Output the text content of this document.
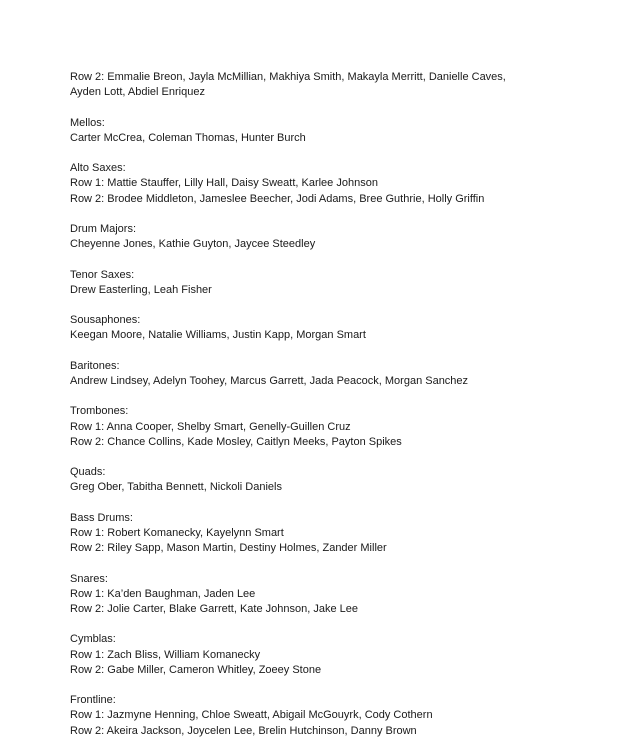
Row 2: Emmalie Breon, Jayla McMillian, Makhiya Smith, Makayla Merritt, Danielle Caves,
Ayden Lott, Abdiel Enriquez
Mellos:
Carter McCrea, Coleman Thomas, Hunter Burch
Alto Saxes:
Row 1: Mattie Stauffer, Lilly Hall, Daisy Sweatt, Karlee Johnson
Row 2: Brodee Middleton, Jameslee Beecher, Jodi Adams, Bree Guthrie, Holly Griffin
Drum Majors:
Cheyenne Jones, Kathie Guyton, Jaycee Steedley
Tenor Saxes:
Drew Easterling, Leah Fisher
Sousaphones:
Keegan Moore, Natalie Williams, Justin Kapp, Morgan Smart
Baritones:
Andrew Lindsey, Adelyn Toohey, Marcus Garrett, Jada Peacock, Morgan Sanchez
Trombones:
Row 1: Anna Cooper, Shelby Smart, Genelly-Guillen Cruz
Row 2: Chance Collins, Kade Mosley, Caitlyn Meeks, Payton Spikes
Quads:
Greg Ober, Tabitha Bennett, Nickoli Daniels
Bass Drums:
Row 1: Robert Komanecky, Kayelynn Smart
Row 2: Riley Sapp, Mason Martin, Destiny Holmes, Zander Miller
Snares:
Row 1: Ka’den Baughman, Jaden Lee
Row 2: Jolie Carter, Blake Garrett, Kate Johnson, Jake Lee
Cymblas:
Row 1: Zach Bliss, William Komanecky
Row 2: Gabe Miller, Cameron Whitley, Zoeey Stone
Frontline:
Row 1: Jazmyne Henning, Chloe Sweatt, Abigail McGouyrk, Cody Cothern
Row 2: Akeira Jackson, Joycelen Lee, Brelin Hutchinson, Danny Brown
